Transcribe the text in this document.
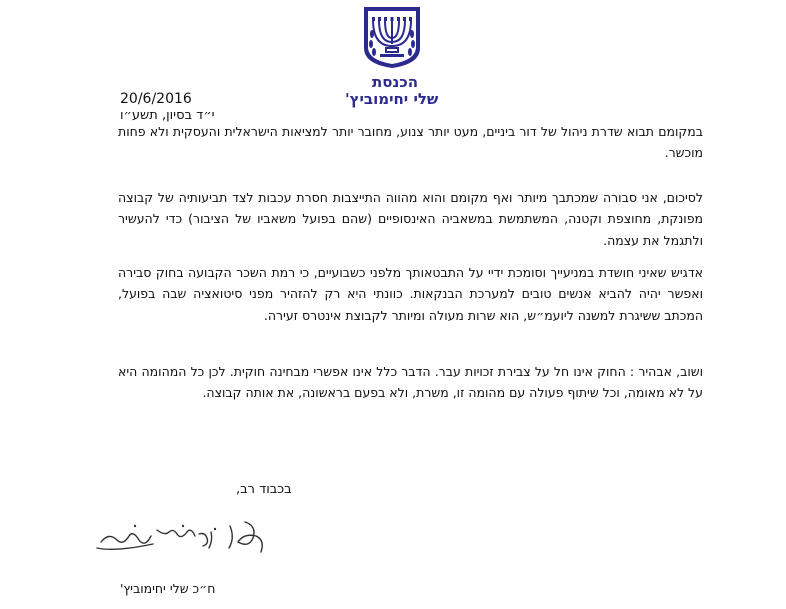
הכנסת
שלי יחימוביץ'
20/6/2016
י״ד בסיון, תשע״ו
במקומם תבוא שדרת ניהול של דור ביניים, מעט יותר צנוע, מחובר יותר למציאות הישראלית והעסקית ולא פחות מוכשר.
לסיכום, אני סבורה שמכתבך מיותר ואף מקומם והוא מהווה התייצבות חסרת עכבות לצד תביעותיה של קבוצה מפונקת, מחוצפת וקטנה, המשתמשת במשאביה האינסופיים (שהם בפועל משאביו של הציבור) כדי להעשיר ולתגמל את עצמה.
אדגיש שאיני חושדת במניעייך וסומכת ידיי על התבטאותך מלפני כשבועיים, כי רמת השכר הקבועה בחוק סבירה ואפשר יהיה להביא אנשים טובים למערכת הבנקאות. כוונתי היא רק להזהיר מפני סיטואציה שבה בפועל, המכתב ששיגרת למשנה ליועמ״ש, הוא שרות מעולה ומיותר לקבוצת אינטרס זעירה.
ושוב, אבהיר : החוק אינו חל על צבירת זכויות עבר. הדבר כלל אינו אפשרי מבחינה חוקית. לכן כל המהומה היא על לא מאומה, וכל שיתוף פעולה עם מהומה זו, משרת, ולא בפעם בראשונה, את אותה קבוצה.
בכבוד רב,
ח״כ שלי יחימוביץ'
